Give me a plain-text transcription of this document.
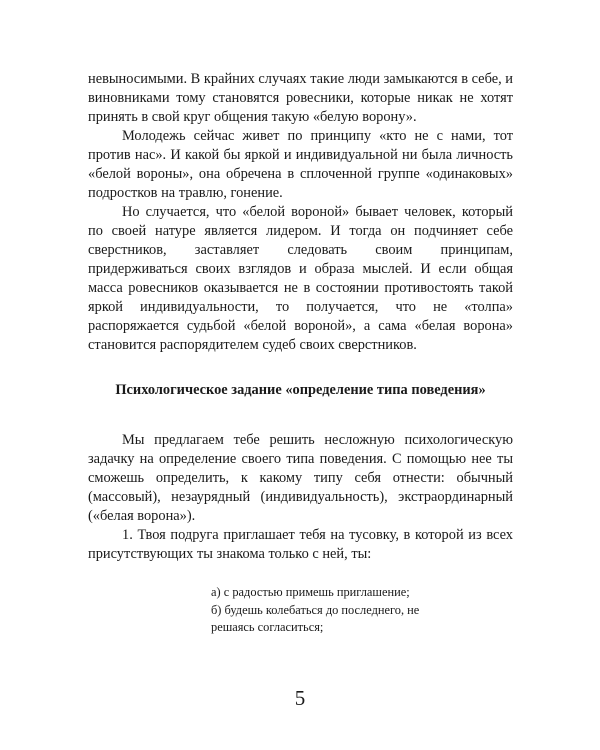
невыносимыми. В крайних случаях такие люди замыкаются в себе, и виновниками тому становятся ровесники, которые никак не хотят принять в свой круг общения такую «белую ворону».

Молодежь сейчас живет по принципу «кто не с нами, тот против нас». И какой бы яркой и индивидуальной ни была личность «белой вороны», она обречена в сплоченной группе «одинаковых» подростков на травлю, гонение.

Но случается, что «белой вороной» бывает человек, который по своей натуре является лидером. И тогда он подчиняет себе сверстников, заставляет следовать своим принципам, придерживаться своих взглядов и образа мыслей. И если общая масса ровесников оказывается не в состоянии противостоять такой яркой индивидуальности, то получается, что не «толпа» распоряжается судьбой «белой вороной», а сама «белая ворона» становится распорядителем судеб своих сверстников.

Психологическое задание «определение типа поведения»

Мы предлагаем тебе решить несложную психологическую задачку на определение своего типа поведения. С помощью нее ты сможешь определить, к какому типу себя отнести: обычный (массовый), незаурядный (индивидуальность), экстраординарный («белая ворона»).

1. Твоя подруга приглашает тебя на тусовку, в которой из всех присутствующих ты знакома только с ней, ты:

а) с радостью примешь приглашение;
б) будешь колебаться до последнего, не
решаясь согласиться;
5
